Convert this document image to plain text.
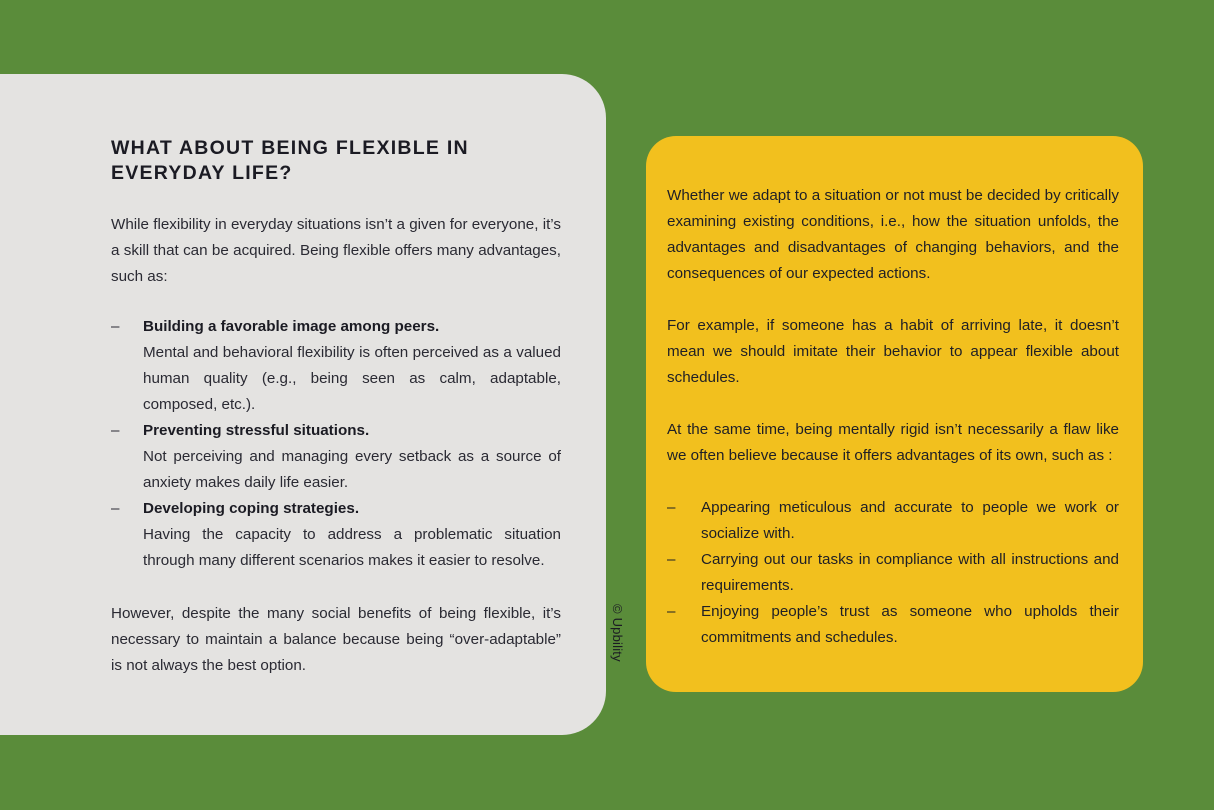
WHAT ABOUT BEING FLEXIBLE IN EVERYDAY LIFE?

While flexibility in everyday situations isn’t a given for everyone, it’s a skill that can be acquired. Being flexible offers many advantages, such as:

– Building a favorable image among peers.
Mental and behavioral flexibility is often perceived as a valued human quality (e.g., being seen as calm, adaptable, composed, etc.).
– Preventing stressful situations.
Not perceiving and managing every setback as a source of anxiety makes daily life easier.
– Developing coping strategies.
Having the capacity to address a problematic situation through many different scenarios makes it easier to resolve.

However, despite the many social benefits of being flexible, it’s necessary to maintain a balance because being “over-adaptable” is not always the best option.

© Upbility

Whether we adapt to a situation or not must be decided by critically examining existing conditions, i.e., how the situation unfolds, the advantages and disadvantages of changing behaviors, and the consequences of our expected actions.

For example, if someone has a habit of arriving late, it doesn’t mean we should imitate their behavior to appear flexible about schedules.

At the same time, being mentally rigid isn’t necessarily a flaw like we often believe because it offers advantages of its own, such as :

– Appearing meticulous and accurate to people we work or socialize with.
– Carrying out our tasks in compliance with all instructions and requirements.
– Enjoying people’s trust as someone who upholds their commitments and schedules.
